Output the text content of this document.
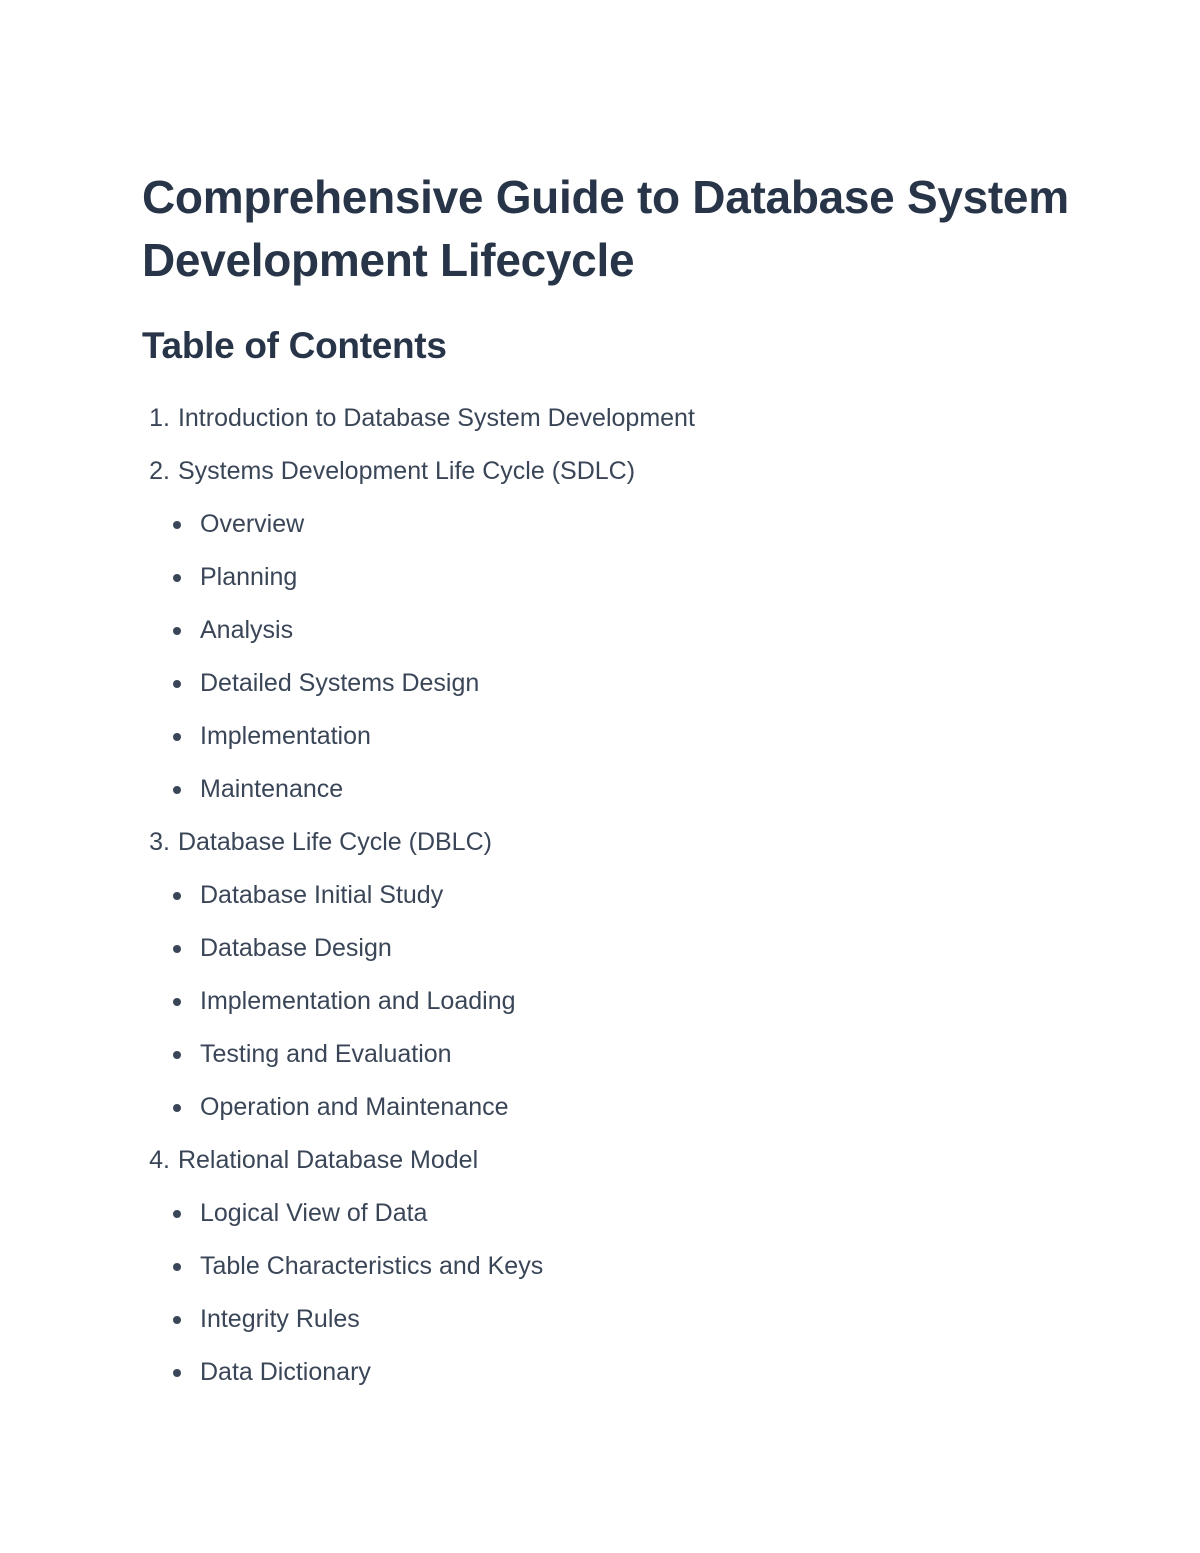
Comprehensive Guide to Database System Development Lifecycle
Table of Contents
1. Introduction to Database System Development
2. Systems Development Life Cycle (SDLC)
Overview
Planning
Analysis
Detailed Systems Design
Implementation
Maintenance
3. Database Life Cycle (DBLC)
Database Initial Study
Database Design
Implementation and Loading
Testing and Evaluation
Operation and Maintenance
4. Relational Database Model
Logical View of Data
Table Characteristics and Keys
Integrity Rules
Data Dictionary
